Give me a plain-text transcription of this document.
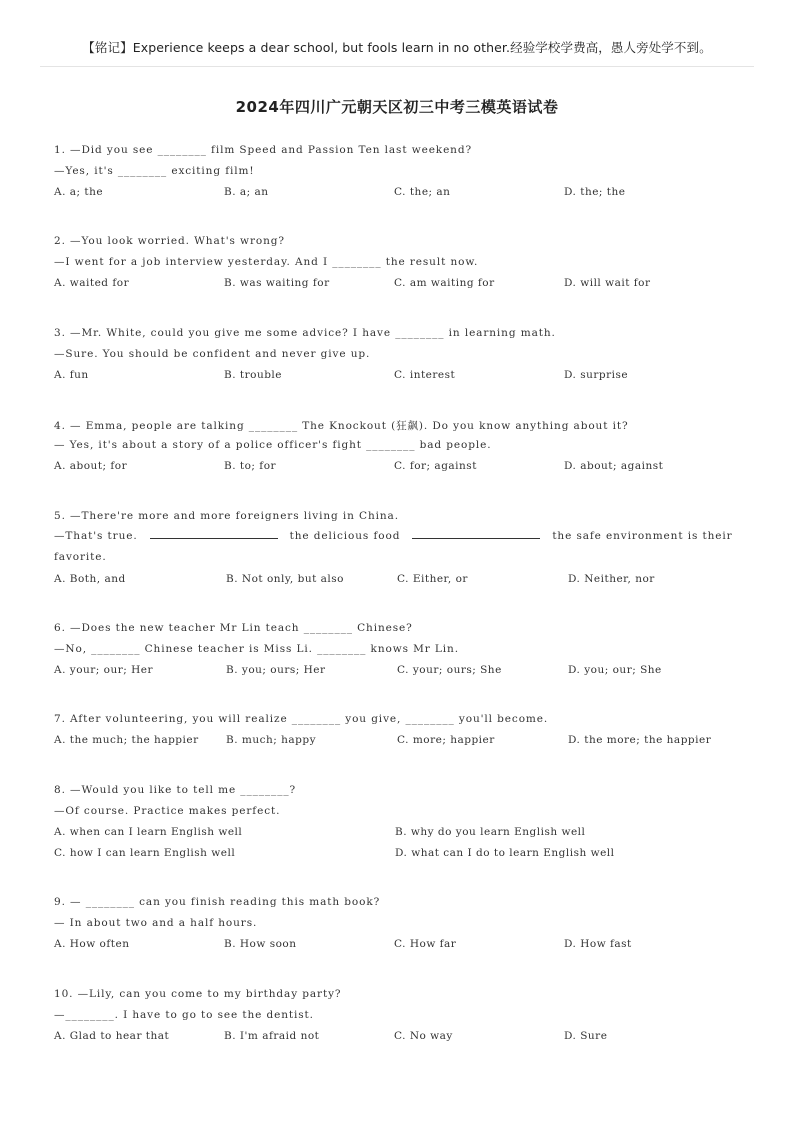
【铭记】Experience keeps a dear school, but fools learn in no other.经验学校学费高，愚人旁处学不到。
2024年四川广元朝天区初三中考三模英语试卷
1. —Did you see ________ film Speed and Passion Ten last weekend?
—Yes, it's ________ exciting film!
A. a; the	B. a; an	C. the; an	D. the; the
2. —You look worried. What's wrong?
—I went for a job interview yesterday. And I ________ the result now.
A. waited for	B. was waiting for	C. am waiting for	D. will wait for
3. —Mr. White, could you give me some advice? I have ________ in learning math.
—Sure. You should be confident and never give up.
A. fun	B. trouble	C. interest	D. surprise
4. — Emma, people are talking ________ The Knockout (狂飙). Do you know anything about it?
— Yes, it's about a story of a police officer's fight ________ bad people.
A. about; for	B. to; for	C. for; against	D. about; against
5. —There're more and more foreigners living in China.
—That's true.	the delicious food	the safe environment is their favorite.
A. Both, and	B. Not only, but also	C. Either, or	D. Neither, nor
6. —Does the new teacher Mr Lin teach ________ Chinese?
—No, ________ Chinese teacher is Miss Li. ________ knows Mr Lin.
A. your; our; Her	B. you; ours; Her	C. your; ours; She	D. you; our; She
7. After volunteering, you will realize ________ you give, ________ you'll become.
A. the much; the happier	B. much; happy	C. more; happier	D. the more; the happier
8. —Would you like to tell me ________?
—Of course. Practice makes perfect.
A. when can I learn English well	B. why do you learn English well
C. how I can learn English well	D. what can I do to learn English well
9. — ________ can you finish reading this math book?
— In about two and a half hours.
A. How often	B. How soon	C. How far	D. How fast
10. —Lily, can you come to my birthday party?
—________. I have to go to see the dentist.
A. Glad to hear that	B. I'm afraid not	C. No way	D. Sure
